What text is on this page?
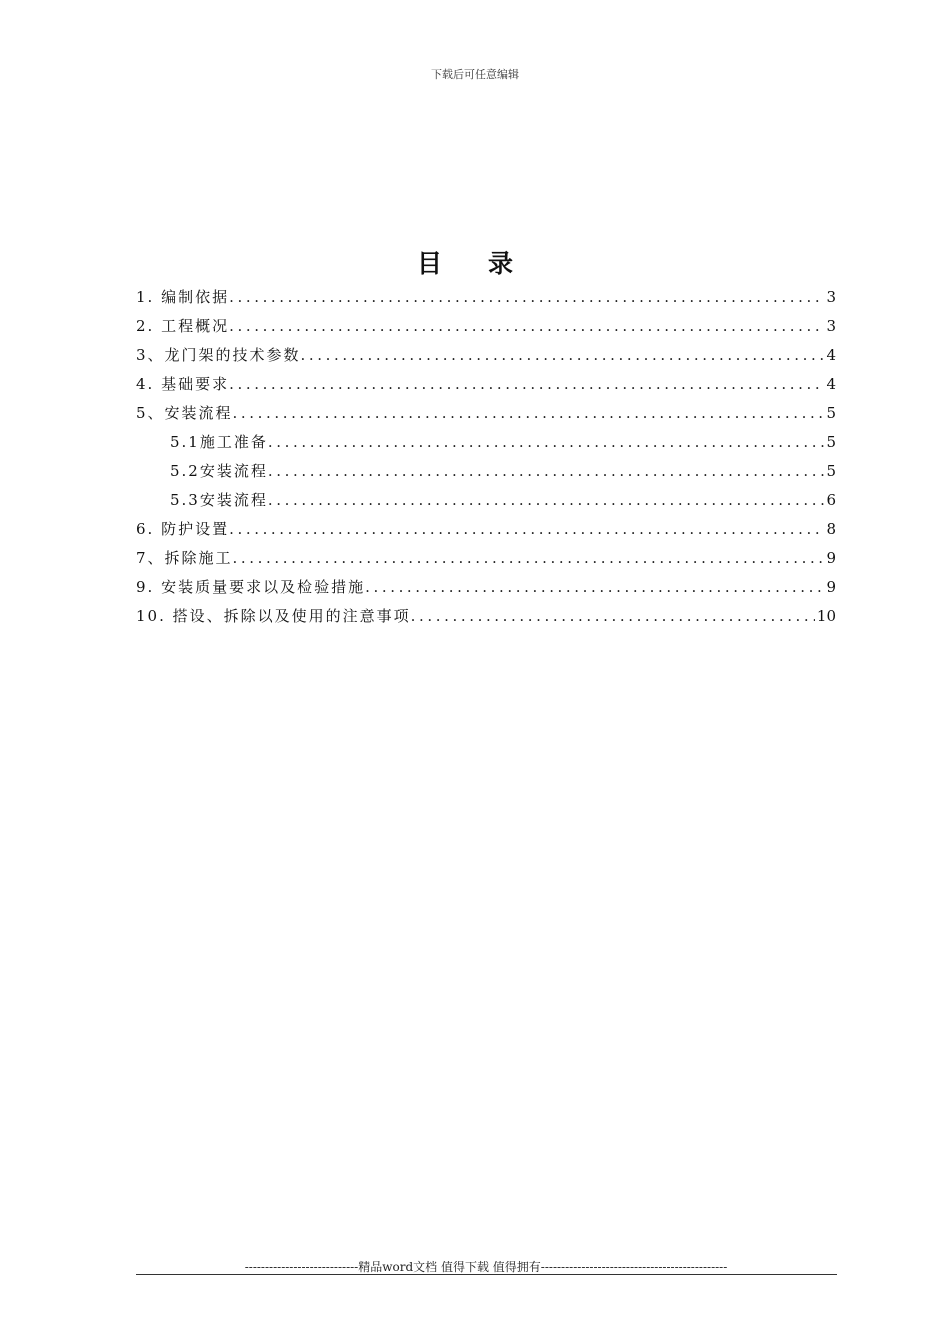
下载后可任意编辑
目录
1. 编制依据 .....	3
2. 工程概况 .....	3
3、龙门架的技术参数 .....	4
4. 基础要求 .....	4
5、安装流程 .....	5
5.1施工准备 .....	5
5.2安装流程 .....	5
5.3安装流程 .....	6
6. 防护设置 .....	8
7、拆除施工 .....	9
9. 安装质量要求以及检验措施 .....	9
10. 搭设、拆除以及使用的注意事项 .....	10
----------------------------精品word文档 值得下载 值得拥有----------------------------------------------
